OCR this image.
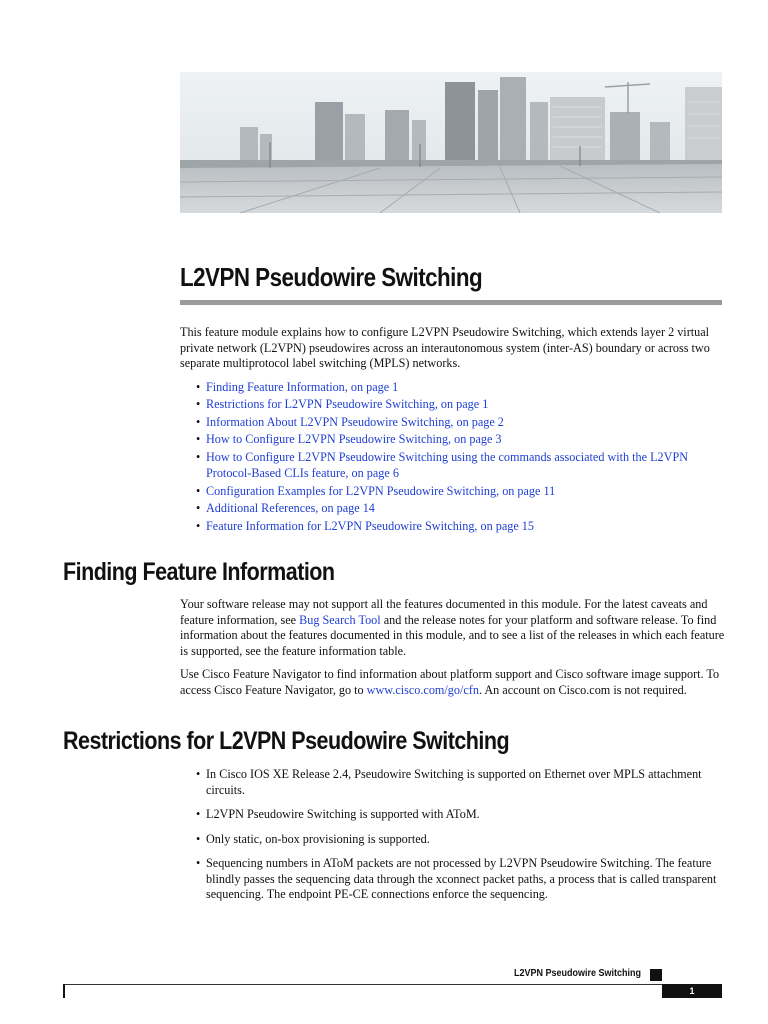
L2VPN Pseudowire Switching

This feature module explains how to configure L2VPN Pseudowire Switching, which extends layer 2 virtual private network (L2VPN) pseudowires across an interautonomous system (inter-AS) boundary or across two separate multiprotocol label switching (MPLS) networks.

• Finding Feature Information, on page 1
• Restrictions for L2VPN Pseudowire Switching, on page 1
• Information About L2VPN Pseudowire Switching, on page 2
• How to Configure L2VPN Pseudowire Switching, on page 3
• How to Configure L2VPN Pseudowire Switching using the commands associated with the L2VPN Protocol-Based CLIs feature, on page 6
• Configuration Examples for L2VPN Pseudowire Switching, on page 11
• Additional References, on page 14
• Feature Information for L2VPN Pseudowire Switching, on page 15
Finding Feature Information

Your software release may not support all the features documented in this module. For the latest caveats and feature information, see Bug Search Tool and the release notes for your platform and software release. To find information about the features documented in this module, and to see a list of the releases in which each feature is supported, see the feature information table.

Use Cisco Feature Navigator to find information about platform support and Cisco software image support. To access Cisco Feature Navigator, go to www.cisco.com/go/cfn. An account on Cisco.com is not required.

Restrictions for L2VPN Pseudowire Switching
• In Cisco IOS XE Release 2.4, Pseudowire Switching is supported on Ethernet over MPLS attachment circuits.
• L2VPN Pseudowire Switching is supported with AToM.
• Only static, on-box provisioning is supported.
• Sequencing numbers in AToM packets are not processed by L2VPN Pseudowire Switching. The feature blindly passes the sequencing data through the xconnect packet paths, a process that is called transparent sequencing. The endpoint PE-CE connections enforce the sequencing.
L2VPN Pseudowire Switching
1
